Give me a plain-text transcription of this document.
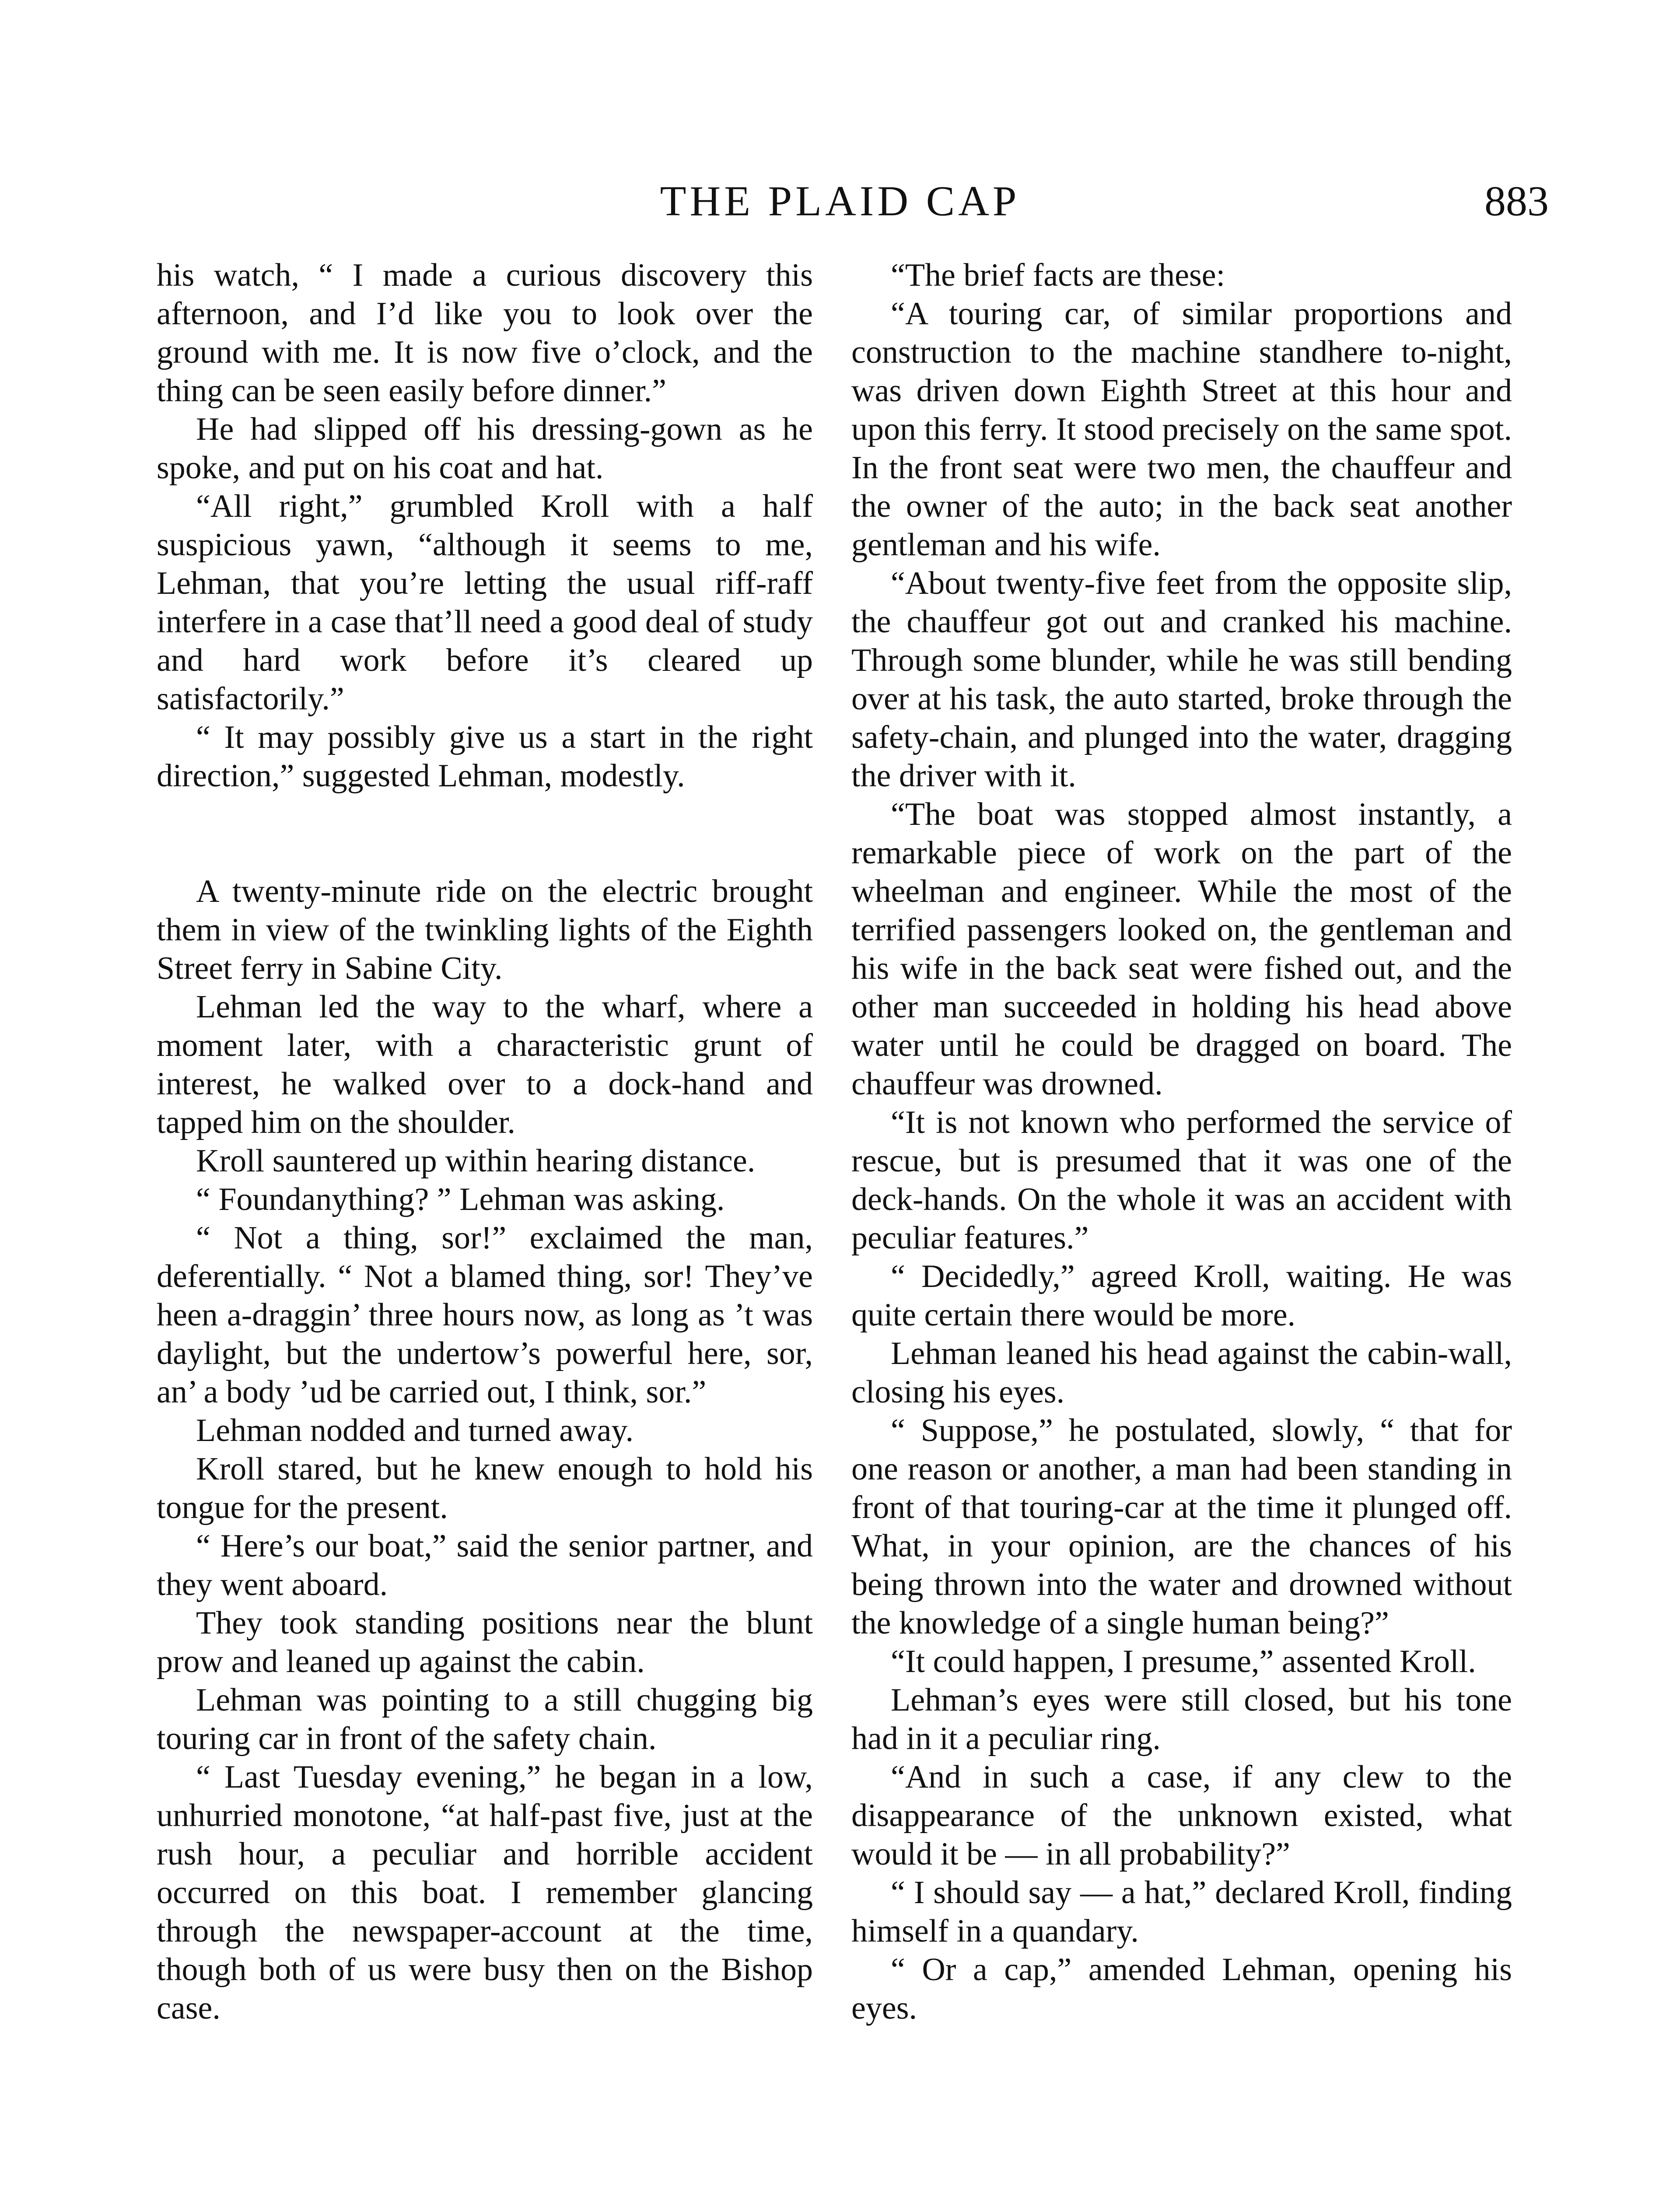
THE PLAID CAP	883

his watch, “ I made a curious discovery this afternoon, and I’d like you to look over the ground with me. It is now five o’clock, and the thing can be seen easily before dinner.”

He had slipped off his dressing-gown as he spoke, and put on his coat and hat.

“All right,” grumbled Kroll with a half suspicious yawn, “although it seems to me, Lehman, that you’re letting the usual riff-raff interfere in a case that’ll need a good deal of study and hard work before it’s cleared up satisfactorily.”

“ It may possibly give us a start in the right direction,” suggested Lehman, modestly.

A twenty-minute ride on the electric brought them in view of the twinkling lights of the Eighth Street ferry in Sabine City.

Lehman led the way to the wharf, where a moment later, with a characteristic grunt of interest, he walked over to a dock-hand and tapped him on the shoulder.

Kroll sauntered up within hearing distance.

“ Foundanything? ” Lehman was asking.

“ Not a thing, sor!” exclaimed the man, deferentially. “ Not a blamed thing, sor! They’ve heen a-draggin’ three hours now, as long as ’t was daylight, but the undertow’s powerful here, sor, an’ a body ’ud be carried out, I think, sor.”

Lehman nodded and turned away.

Kroll stared, but he knew enough to hold his tongue for the present.

“ Here’s our boat,” said the senior partner, and they went aboard.

They took standing positions near the blunt prow and leaned up against the cabin.

Lehman was pointing to a still chugging big touring car in front of the safety chain.

“ Last Tuesday evening,” he began in a low, unhurried monotone, “at half-past five, just at the rush hour, a peculiar and horrible accident occurred on this boat. I remember glancing through the newspaper-account at the time, though both of us were busy then on the Bishop case.

“The brief facts are these:

“A touring car, of similar proportions and construction to the machine standhere to-night, was driven down Eighth Street at this hour and upon this ferry. It stood precisely on the same spot. In the front seat were two men, the chauffeur and the owner of the auto; in the back seat another gentleman and his wife.

“About twenty-five feet from the opposite slip, the chauffeur got out and cranked his machine. Through some blunder, while he was still bending over at his task, the auto started, broke through the safety-chain, and plunged into the water, dragging the driver with it.

“The boat was stopped almost instantly, a remarkable piece of work on the part of the wheelman and engineer. While the most of the terrified passengers looked on, the gentleman and his wife in the back seat were fished out, and the other man succeeded in holding his head above water until he could be dragged on board. The chauffeur was drowned.

“It is not known who performed the service of rescue, but is presumed that it was one of the deck-hands. On the whole it was an accident with peculiar features.”

“ Decidedly,” agreed Kroll, waiting. He was quite certain there would be more.

Lehman leaned his head against the cabin-wall, closing his eyes.

“ Suppose,” he postulated, slowly, “ that for one reason or another, a man had been standing in front of that touring-car at the time it plunged off. What, in your opinion, are the chances of his being thrown into the water and drowned without the knowledge of a single human being?”

“It could happen, I presume,” assented Kroll.

Lehman’s eyes were still closed, but his tone had in it a peculiar ring.

“And in such a case, if any clew to the disappearance of the unknown existed, what would it be — in all probability?”

“ I should say — a hat,” declared Kroll, finding himself in a quandary.

“ Or a cap,” amended Lehman, opening his eyes.
